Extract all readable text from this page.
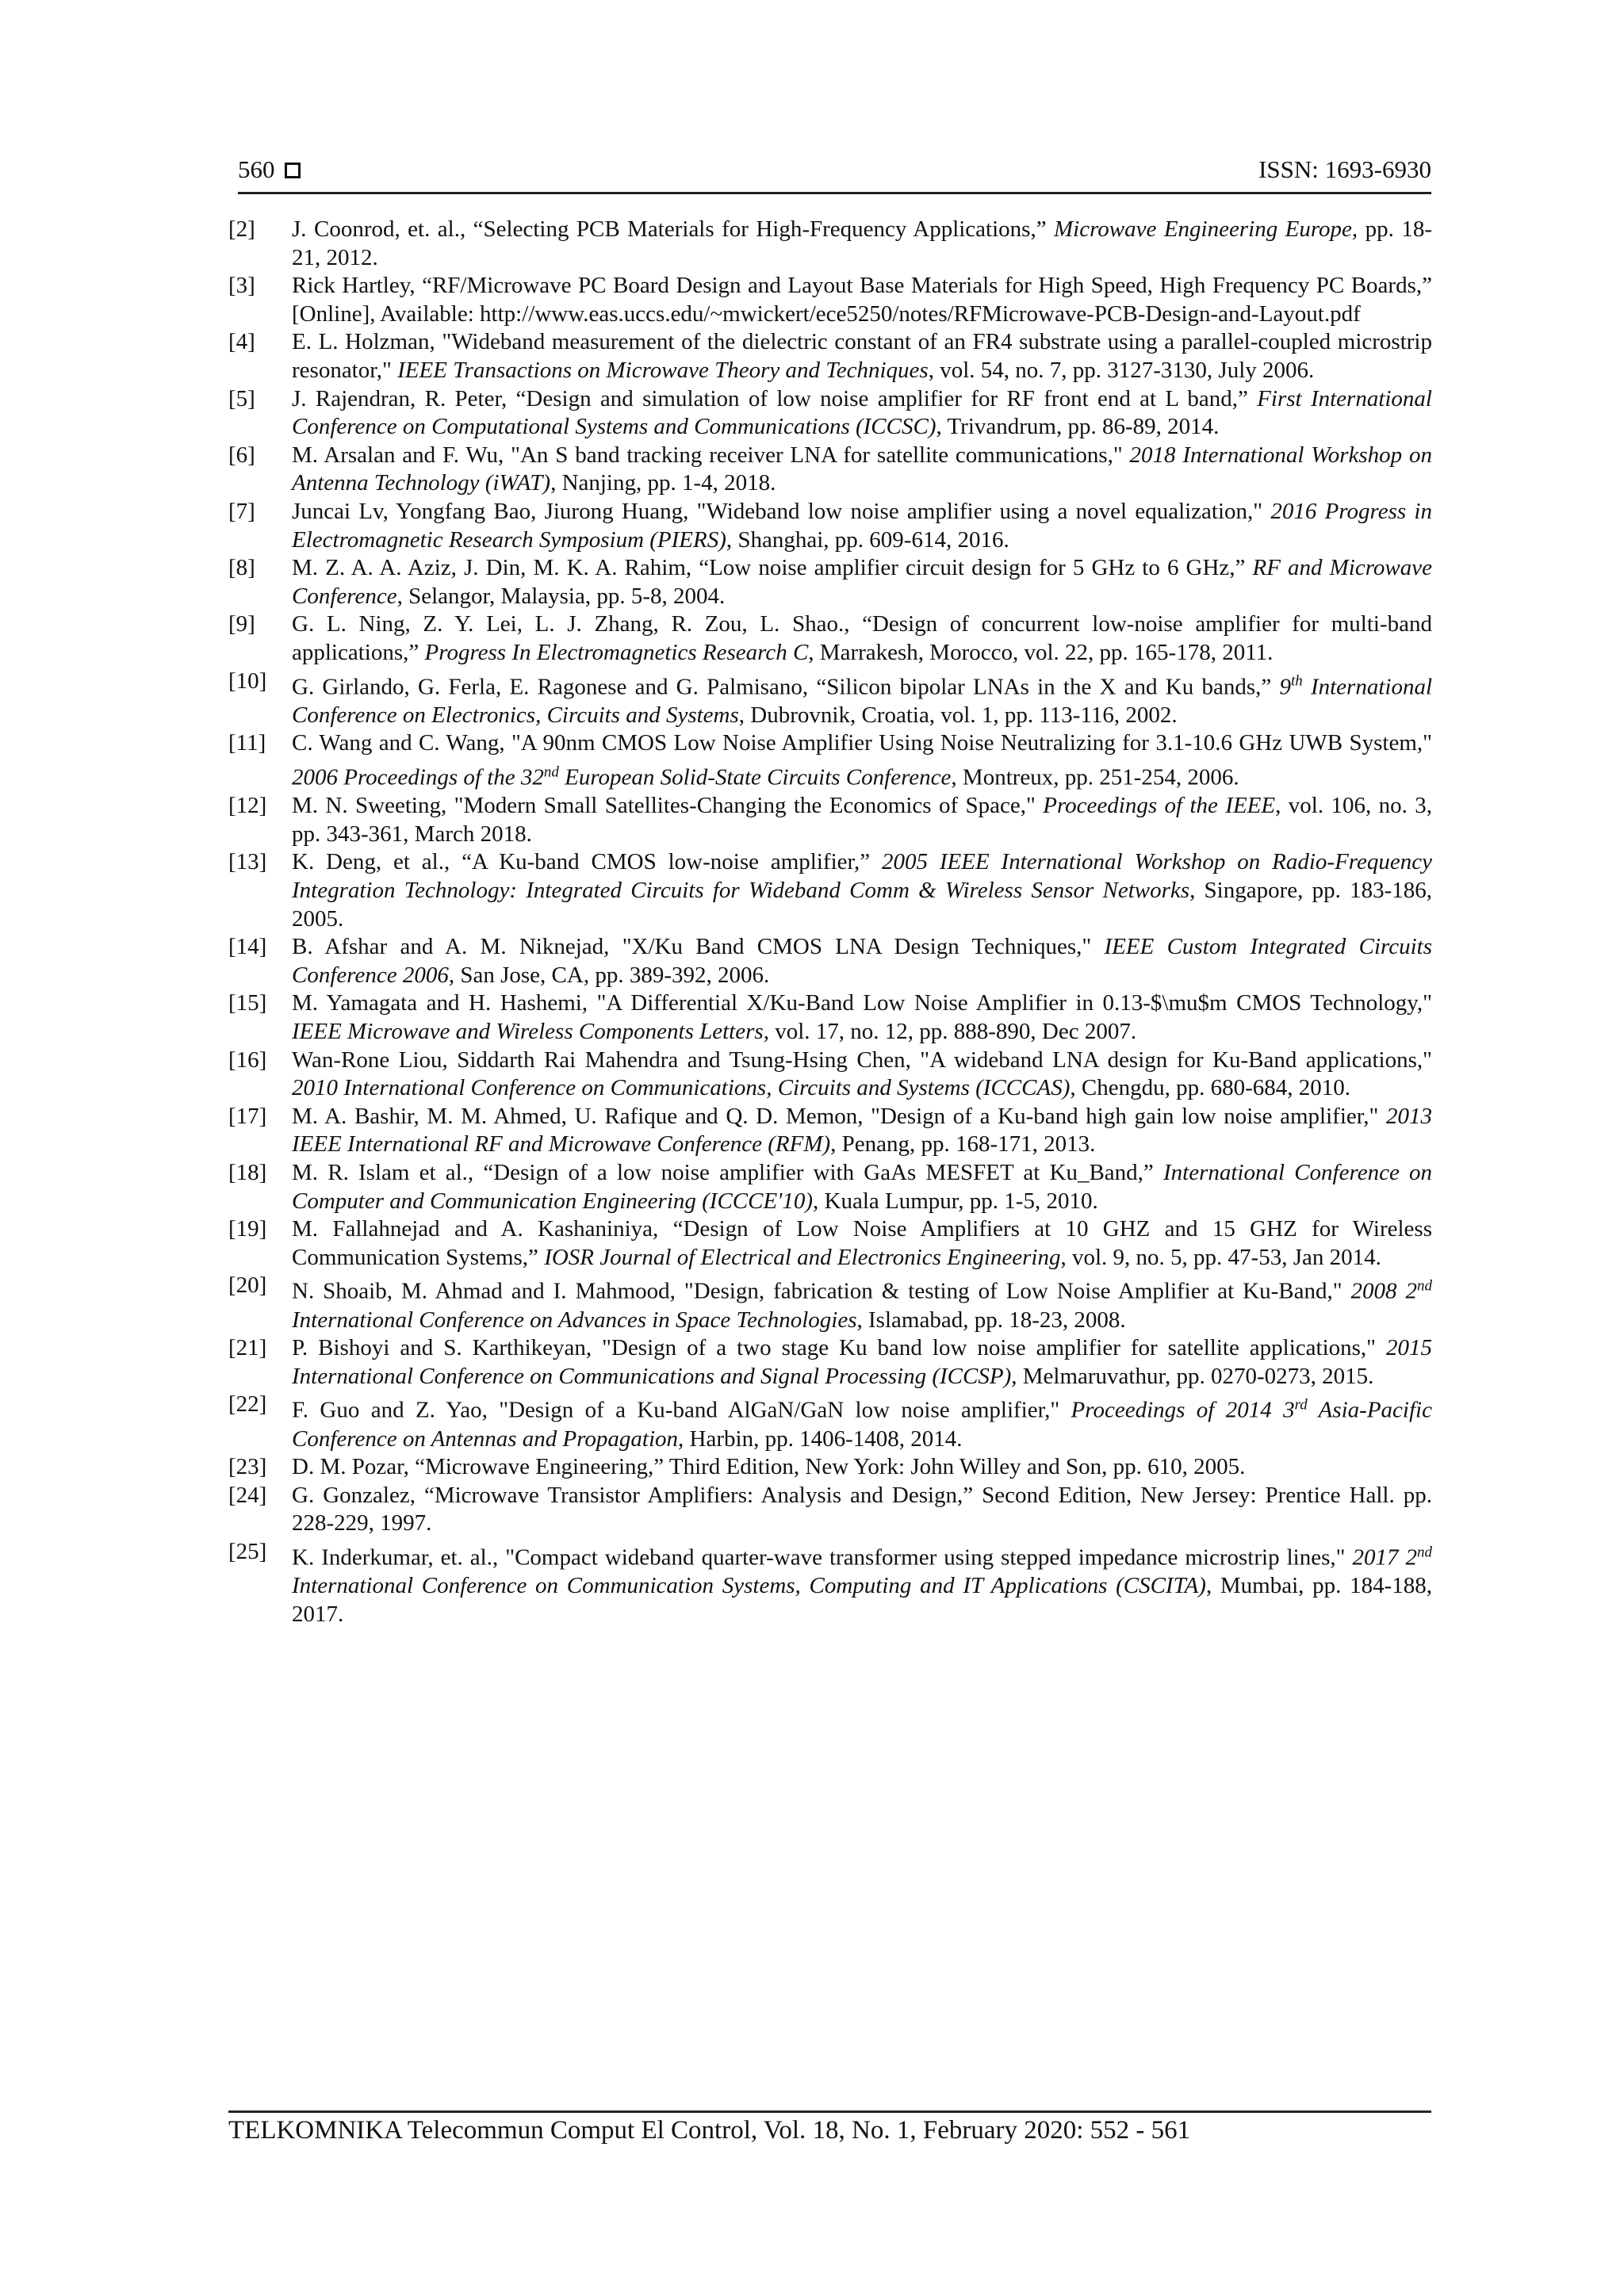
560	ISSN: 1693-6930
[2] J. Coonrod, et. al., “Selecting PCB Materials for High-Frequency Applications,” Microwave Engineering Europe, pp. 18-21, 2012.
[3] Rick Hartley, “RF/Microwave PC Board Design and Layout Base Materials for High Speed, High Frequency PC Boards,” [Online], Available: http://www.eas.uccs.edu/~mwickert/ece5250/notes/RFMicrowave-PCB-Design-and-Layout.pdf
[4] E. L. Holzman, "Wideband measurement of the dielectric constant of an FR4 substrate using a parallel-coupled microstrip resonator," IEEE Transactions on Microwave Theory and Techniques, vol. 54, no. 7, pp. 3127-3130, July 2006.
[5] J. Rajendran, R. Peter, “Design and simulation of low noise amplifier for RF front end at L band,” First International Conference on Computational Systems and Communications (ICCSC), Trivandrum, pp. 86-89, 2014.
[6] M. Arsalan and F. Wu, "An S band tracking receiver LNA for satellite communications," 2018 International Workshop on Antenna Technology (iWAT), Nanjing, pp. 1-4, 2018.
[7] Juncai Lv, Yongfang Bao, Jiurong Huang, "Wideband low noise amplifier using a novel equalization," 2016 Progress in Electromagnetic Research Symposium (PIERS), Shanghai, pp. 609-614, 2016.
[8] M. Z. A. A. Aziz, J. Din, M. K. A. Rahim, “Low noise amplifier circuit design for 5 GHz to 6 GHz,” RF and Microwave Conference, Selangor, Malaysia, pp. 5-8, 2004.
[9] G. L. Ning, Z. Y. Lei, L. J. Zhang, R. Zou, L. Shao., “Design of concurrent low-noise amplifier for multi-band applications,” Progress In Electromagnetics Research C, Marrakesh, Morocco, vol. 22, pp. 165-178, 2011.
[10] G. Girlando, G. Ferla, E. Ragonese and G. Palmisano, “Silicon bipolar LNAs in the X and Ku bands,” 9th International Conference on Electronics, Circuits and Systems, Dubrovnik, Croatia, vol. 1, pp. 113-116, 2002.
[11] C. Wang and C. Wang, "A 90nm CMOS Low Noise Amplifier Using Noise Neutralizing for 3.1-10.6 GHz UWB System," 2006 Proceedings of the 32nd European Solid-State Circuits Conference, Montreux, pp. 251-254, 2006.
[12] M. N. Sweeting, "Modern Small Satellites-Changing the Economics of Space," Proceedings of the IEEE, vol. 106, no. 3, pp. 343-361, March 2018.
[13] K. Deng, et al., “A Ku-band CMOS low-noise amplifier,” 2005 IEEE International Workshop on Radio-Frequency Integration Technology: Integrated Circuits for Wideband Comm & Wireless Sensor Networks, Singapore, pp. 183-186, 2005.
[14] B. Afshar and A. M. Niknejad, "X/Ku Band CMOS LNA Design Techniques," IEEE Custom Integrated Circuits Conference 2006, San Jose, CA, pp. 389-392, 2006.
[15] M. Yamagata and H. Hashemi, "A Differential X/Ku-Band Low Noise Amplifier in 0.13-$\mu$m CMOS Technology," IEEE Microwave and Wireless Components Letters, vol. 17, no. 12, pp. 888-890, Dec 2007.
[16] Wan-Rone Liou, Siddarth Rai Mahendra and Tsung-Hsing Chen, "A wideband LNA design for Ku-Band applications," 2010 International Conference on Communications, Circuits and Systems (ICCCAS), Chengdu, pp. 680-684, 2010.
[17] M. A. Bashir, M. M. Ahmed, U. Rafique and Q. D. Memon, "Design of a Ku-band high gain low noise amplifier," 2013 IEEE International RF and Microwave Conference (RFM), Penang, pp. 168-171, 2013.
[18] M. R. Islam et al., “Design of a low noise amplifier with GaAs MESFET at Ku_Band,” International Conference on Computer and Communication Engineering (ICCCE'10), Kuala Lumpur, pp. 1-5, 2010.
[19] M. Fallahnejad and A. Kashaniniya, “Design of Low Noise Amplifiers at 10 GHZ and 15 GHZ for Wireless Communication Systems,” IOSR Journal of Electrical and Electronics Engineering, vol. 9, no. 5, pp. 47-53, Jan 2014.
[20] N. Shoaib, M. Ahmad and I. Mahmood, "Design, fabrication & testing of Low Noise Amplifier at Ku-Band," 2008 2nd International Conference on Advances in Space Technologies, Islamabad, pp. 18-23, 2008.
[21] P. Bishoyi and S. Karthikeyan, "Design of a two stage Ku band low noise amplifier for satellite applications," 2015 International Conference on Communications and Signal Processing (ICCSP), Melmaruvathur, pp. 0270-0273, 2015.
[22] F. Guo and Z. Yao, "Design of a Ku-band AlGaN/GaN low noise amplifier," Proceedings of 2014 3rd Asia-Pacific Conference on Antennas and Propagation, Harbin, pp. 1406-1408, 2014.
[23] D. M. Pozar, “Microwave Engineering,” Third Edition, New York: John Willey and Son, pp. 610, 2005.
[24] G. Gonzalez, “Microwave Transistor Amplifiers: Analysis and Design,” Second Edition, New Jersey: Prentice Hall. pp. 228-229, 1997.
[25] K. Inderkumar, et. al., "Compact wideband quarter-wave transformer using stepped impedance microstrip lines," 2017 2nd International Conference on Communication Systems, Computing and IT Applications (CSCITA), Mumbai, pp. 184-188, 2017.
TELKOMNIKA Telecommun Comput El Control, Vol. 18, No. 1, February 2020: 552 - 561
